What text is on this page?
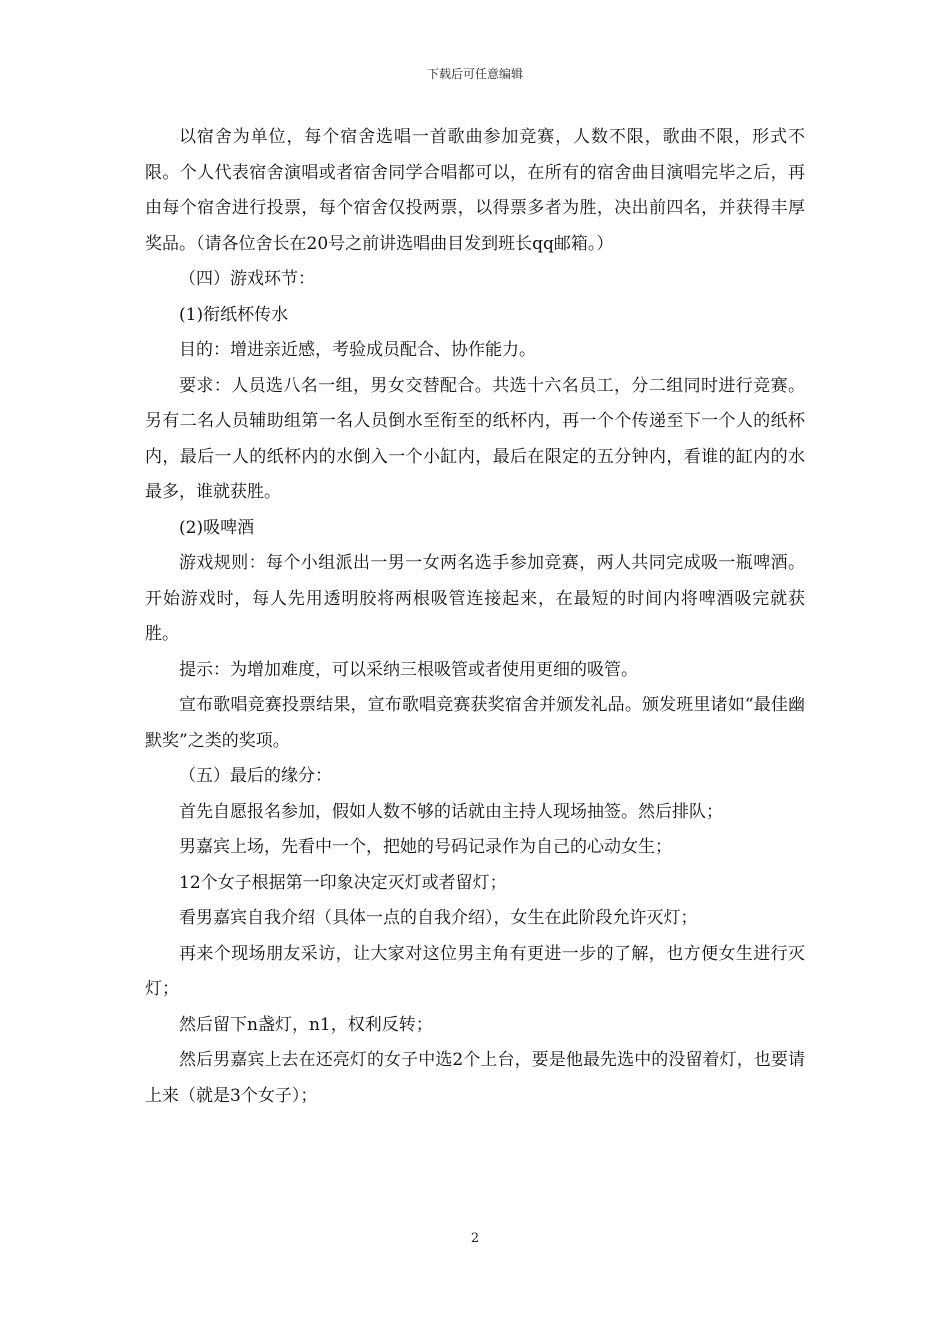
下载后可任意编辑

以宿舍为单位，每个宿舍选唱一首歌曲参加竞赛，人数不限，歌曲不限，形式不限。个人代表宿舍演唱或者宿舍同学合唱都可以，在所有的宿舍曲目演唱完毕之后，再由每个宿舍进行投票，每个宿舍仅投两票，以得票多者为胜，决出前四名，并获得丰厚奖品。（请各位舍长在20号之前讲选唱曲目发到班长qq邮箱。）

（四）游戏环节：

(1)衔纸杯传水

目的：增进亲近感，考验成员配合、协作能力。

要求：人员选八名一组，男女交替配合。共选十六名员工，分二组同时进行竞赛。另有二名人员辅助组第一名人员倒水至衔至的纸杯内，再一个个传递至下一个人的纸杯内，最后一人的纸杯内的水倒入一个小缸内，最后在限定的五分钟内，看谁的缸内的水最多，谁就获胜。

(2)吸啤酒

游戏规则：每个小组派出一男一女两名选手参加竞赛，两人共同完成吸一瓶啤酒。开始游戏时，每人先用透明胶将两根吸管连接起来，在最短的时间内将啤酒吸完就获胜。

提示：为增加难度，可以采纳三根吸管或者使用更细的吸管。

宣布歌唱竞赛投票结果，宣布歌唱竞赛获奖宿舍并颁发礼品。颁发班里诸如“最佳幽默奖”之类的奖项。

（五）最后的缘分：

首先自愿报名参加，假如人数不够的话就由主持人现场抽签。然后排队；

男嘉宾上场，先看中一个，把她的号码记录作为自己的心动女生；

12个女子根据第一印象决定灭灯或者留灯；

看男嘉宾自我介绍（具体一点的自我介绍），女生在此阶段允许灭灯；

再来个现场朋友采访，让大家对这位男主角有更进一步的了解，也方便女生进行灭灯；

然后留下n盏灯，n1，权利反转；

然后男嘉宾上去在还亮灯的女子中选2个上台，要是他最先选中的没留着灯，也要请上来（就是3个女子）；

2
